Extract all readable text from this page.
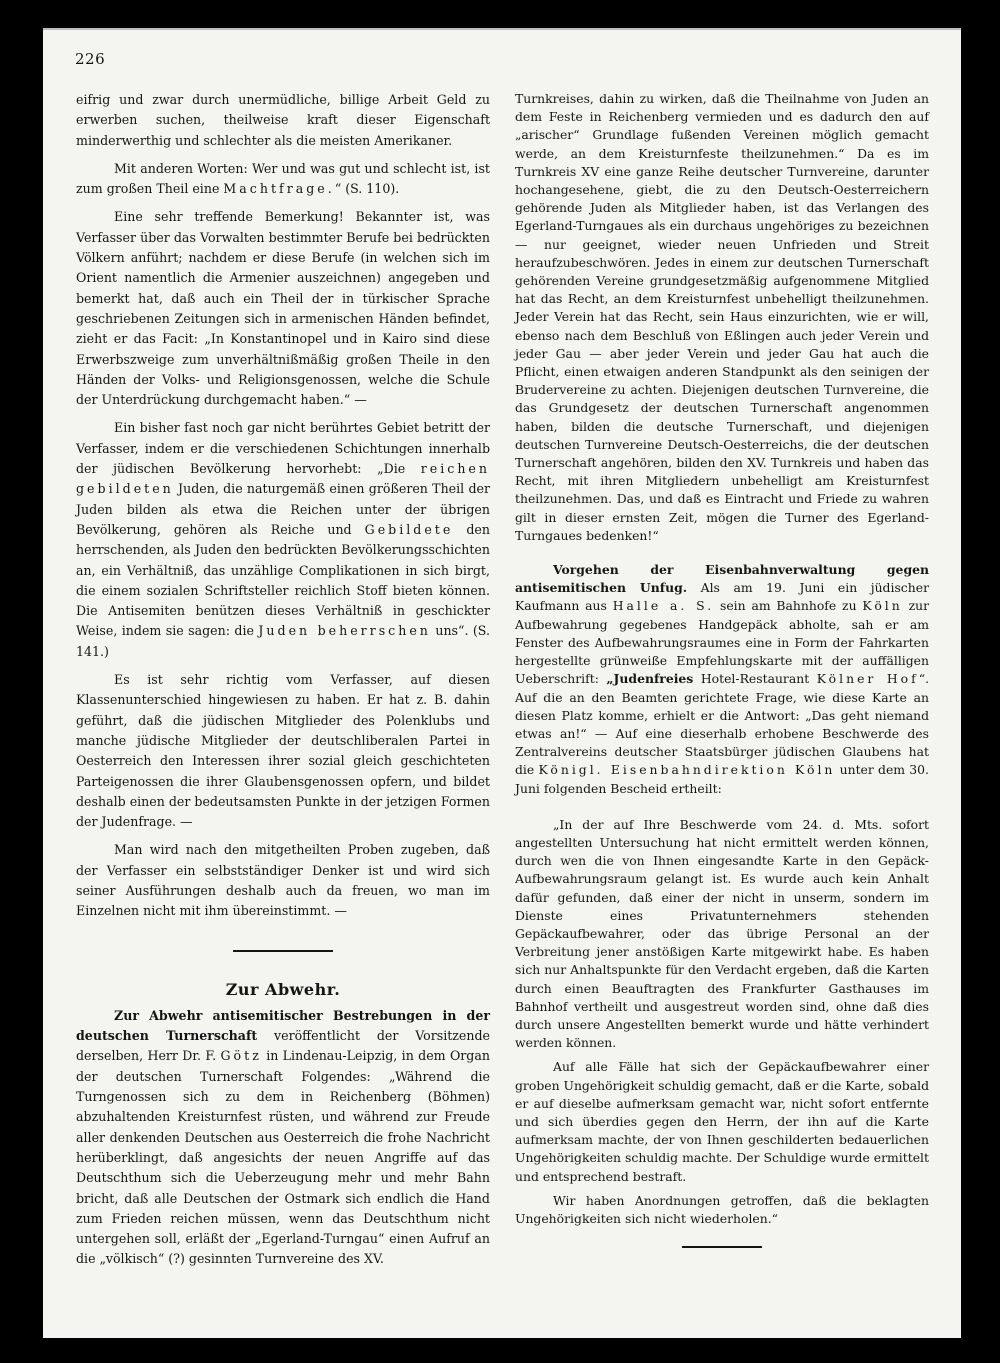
226

eifrig und zwar durch unermüdliche, billige Arbeit Geld zu erwerben suchen, theilweise kraft dieser Eigenschaft minderwerthig und schlechter als die meisten Amerikaner.

Mit anderen Worten: Wer und was gut und schlecht ist, ist zum großen Theil eine Machtfrage.“ (S. 110).

Eine sehr treffende Bemerkung! Bekannter ist, was Verfasser über das Vorwalten bestimmter Berufe bei bedrückten Völkern anführt; nachdem er diese Berufe (in welchen sich im Orient namentlich die Armenier auszeichnen) angegeben und bemerkt hat, daß auch ein Theil der in türkischer Sprache geschriebenen Zeitungen sich in armenischen Händen befindet, zieht er das Facit: „In Konstantinopel und in Kairo sind diese Erwerbszweige zum unverhältnißmäßig großen Theile in den Händen der Volks- und Religionsgenossen, welche die Schule der Unterdrückung durchgemacht haben.“ —

Ein bisher fast noch gar nicht berührtes Gebiet betritt der Verfasser, indem er die verschiedenen Schichtungen innerhalb der jüdischen Bevölkerung hervorhebt: „Die reichen gebildeten Juden, die naturgemäß einen größeren Theil der Juden bilden als etwa die Reichen unter der übrigen Bevölkerung, gehören als Reiche und Gebildete den herrschenden, als Juden den bedrückten Bevölkerungsschichten an, ein Verhältniß, das unzählige Complikationen in sich birgt, die einem sozialen Schriftsteller reichlich Stoff bieten können. Die Antisemiten benützen dieses Verhältniß in geschickter Weise, indem sie sagen: die Juden beherrschen uns“. (S. 141.)

Es ist sehr richtig vom Verfasser, auf diesen Klassenunterschied hingewiesen zu haben. Er hat z. B. dahin geführt, daß die jüdischen Mitglieder des Polenklubs und manche jüdische Mitglieder der deutschliberalen Partei in Oesterreich den Interessen ihrer sozial gleich geschichteten Parteigenossen die ihrer Glaubensgenossen opfern, und bildet deshalb einen der bedeutsamsten Punkte in der jetzigen Formen der Judenfrage. —

Man wird nach den mitgetheilten Proben zugeben, daß der Verfasser ein selbstständiger Denker ist und wird sich seiner Ausführungen deshalb auch da freuen, wo man im Einzelnen nicht mit ihm übereinstimmt. —

Zur Abwehr.

Zur Abwehr antisemitischer Bestrebungen in der deutschen Turnerschaft veröffentlicht der Vorsitzende derselben, Herr Dr. F. Götz in Lindenau-Leipzig, in dem Organ der deutschen Turnerschaft Folgendes: „Während die Turngenossen sich zu dem in Reichenberg (Böhmen) abzuhaltenden Kreisturnfest rüsten, und während zur Freude aller denkenden Deutschen aus Oesterreich die frohe Nachricht herüberklingt, daß angesichts der neuen Angriffe auf das Deutschthum sich die Ueberzeugung mehr und mehr Bahn bricht, daß alle Deutschen der Ostmark sich endlich die Hand zum Frieden reichen müssen, wenn das Deutschthum nicht untergehen soll, erläßt der „Egerland-Turngau“ einen Aufruf an die „völkisch“ (?) gesinnten Turnvereine des XV.

Turnkreises, dahin zu wirken, daß die Theilnahme von Juden an dem Feste in Reichenberg vermieden und es dadurch den auf „arischer“ Grundlage fußenden Vereinen möglich gemacht werde, an dem Kreisturnfeste theilzunehmen.“ Da es im Turnkreis XV eine ganze Reihe deutscher Turnvereine, darunter hochangesehene, giebt, die zu den Deutsch-Oesterreichern gehörende Juden als Mitglieder haben, ist das Verlangen des Egerland-Turngaues als ein durchaus ungehöriges zu bezeichnen — nur geeignet, wieder neuen Unfrieden und Streit heraufzubeschwören. Jedes in einem zur deutschen Turnerschaft gehörenden Vereine grundgesetzmäßig aufgenommene Mitglied hat das Recht, an dem Kreisturnfest unbehelligt theilzunehmen. Jeder Verein hat das Recht, sein Haus einzurichten, wie er will, ebenso nach dem Beschluß von Eßlingen auch jeder Verein und jeder Gau — aber jeder Verein und jeder Gau hat auch die Pflicht, einen etwaigen anderen Standpunkt als den seinigen der Brudervereine zu achten. Diejenigen deutschen Turnvereine, die das Grundgesetz der deutschen Turnerschaft angenommen haben, bilden die deutsche Turnerschaft, und diejenigen deutschen Turnvereine Deutsch-Oesterreichs, die der deutschen Turnerschaft angehören, bilden den XV. Turnkreis und haben das Recht, mit ihren Mitgliedern unbehelligt am Kreisturnfest theilzunehmen. Das, und daß es Eintracht und Friede zu wahren gilt in dieser ernsten Zeit, mögen die Turner des Egerland-Turngaues bedenken!“

Vorgehen der Eisenbahnverwaltung gegen antisemitischen Unfug. Als am 19. Juni ein jüdischer Kaufmann aus Halle a. S. sein am Bahnhofe zu Köln zur Aufbewahrung gegebenes Handgepäck abholte, sah er am Fenster des Aufbewahrungsraumes eine in Form der Fahrkarten hergestellte grünweiße Empfehlungskarte mit der auffälligen Ueberschrift: „Judenfreies Hotel-Restaurant Kölner Hof“. Auf die an den Beamten gerichtete Frage, wie diese Karte an diesen Platz komme, erhielt er die Antwort: „Das geht niemand etwas an!“ — Auf eine dieserhalb erhobene Beschwerde des Zentralvereins deutscher Staatsbürger jüdischen Glaubens hat die Königl. Eisenbahndirektion Köln unter dem 30. Juni folgenden Bescheid ertheilt:

„In der auf Ihre Beschwerde vom 24. d. Mts. sofort angestellten Untersuchung hat nicht ermittelt werden können, durch wen die von Ihnen eingesandte Karte in den Gepäck-Aufbewahrungsraum gelangt ist. Es wurde auch kein Anhalt dafür gefunden, daß einer der nicht in unserm, sondern im Dienste eines Privatunternehmers stehenden Gepäckaufbewahrer, oder das übrige Personal an der Verbreitung jener anstößigen Karte mitgewirkt habe. Es haben sich nur Anhaltspunkte für den Verdacht ergeben, daß die Karten durch einen Beauftragten des Frankfurter Gasthauses im Bahnhof vertheilt und ausgestreut worden sind, ohne daß dies durch unsere Angestellten bemerkt wurde und hätte verhindert werden können.

Auf alle Fälle hat sich der Gepäckaufbewahrer einer groben Ungehörigkeit schuldig gemacht, daß er die Karte, sobald er auf dieselbe aufmerksam gemacht war, nicht sofort entfernte und sich überdies gegen den Herrn, der ihn auf die Karte aufmerksam machte, der von Ihnen geschilderten bedauerlichen Ungehörigkeiten schuldig machte. Der Schuldige wurde ermittelt und entsprechend bestraft.

Wir haben Anordnungen getroffen, daß die beklagten Ungehörigkeiten sich nicht wiederholen.“
